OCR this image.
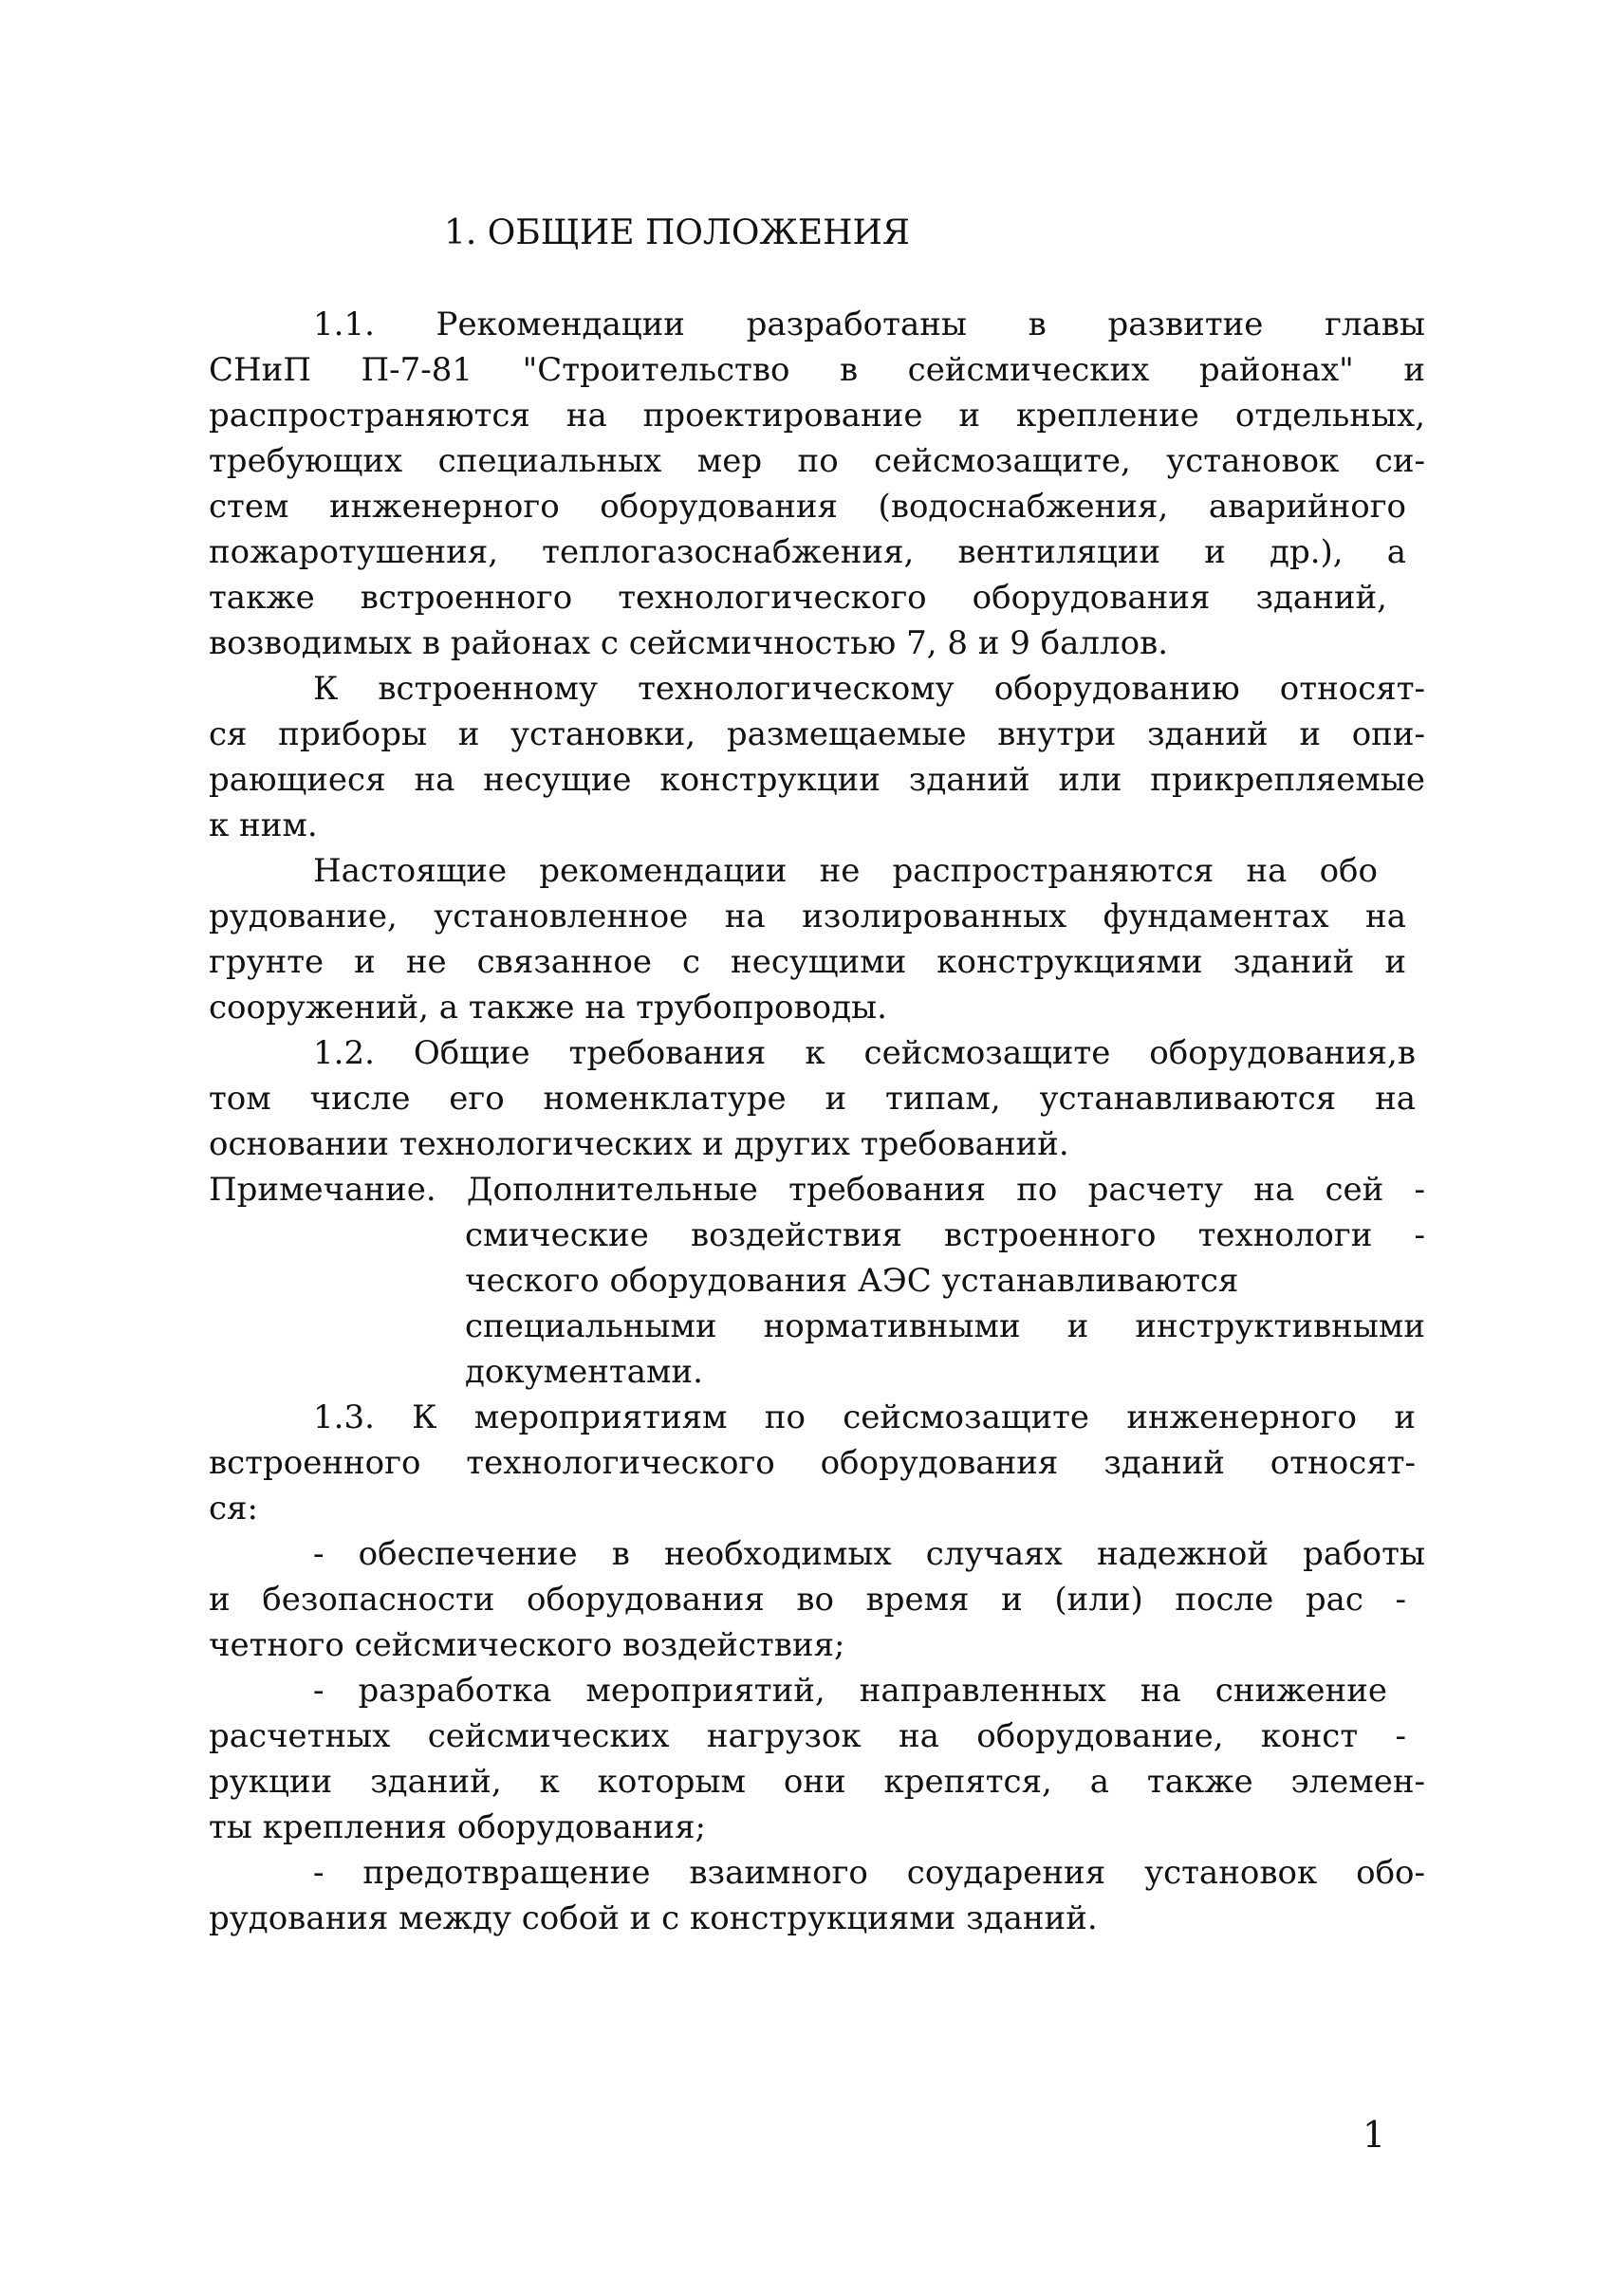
1. ОБЩИЕ ПОЛОЖЕНИЯ
1.1. Рекомендации разработаны в развитие главы
СНиП П-7-81 "Строительство в сейсмических районах" и
распространяются на проектирование и крепление отдельных,
требующих специальных мер по сейсмозащите, установок си-
стем инженерного оборудования (водоснабжения, аварийного
пожаротушения, теплогазоснабжения, вентиляции и др.), а
также встроенного технологического оборудования зданий,
возводимых в районах с сейсмичностью 7, 8 и 9 баллов.
К встроенному технологическому оборудованию относят-
ся приборы и установки, размещаемые внутри зданий и опи-
рающиеся на несущие конструкции зданий или прикрепляемые
к ним.
Настоящие рекомендации не распространяются на обо
рудование, установленное на изолированных фундаментах на
грунте и не связанное с несущими конструкциями зданий и
сооружений, а также на трубопроводы.
1.2. Общие требования к сейсмозащите оборудования,в
том числе его номенклатуре и типам, устанавливаются на
основании технологических и других требований.
Примечание. Дополнительные требования по расчету на сей -
смические воздействия встроенного технологи -
ческого оборудования АЭС устанавливаются
специальными нормативными и инструктивными
документами.
1.3. К мероприятиям по сейсмозащите инженерного и
встроенного технологического оборудования зданий относят-
ся:
- обеспечение в необходимых случаях надежной работы
и безопасности оборудования во время и (или) после рас -
четного сейсмического воздействия;
- разработка мероприятий, направленных на снижение
расчетных сейсмических нагрузок на оборудование, конст -
рукции зданий, к которым они крепятся, а также элемен-
ты крепления оборудования;
- предотвращение взаимного соударения установок обо-
рудования между собой и с конструкциями зданий.
1
